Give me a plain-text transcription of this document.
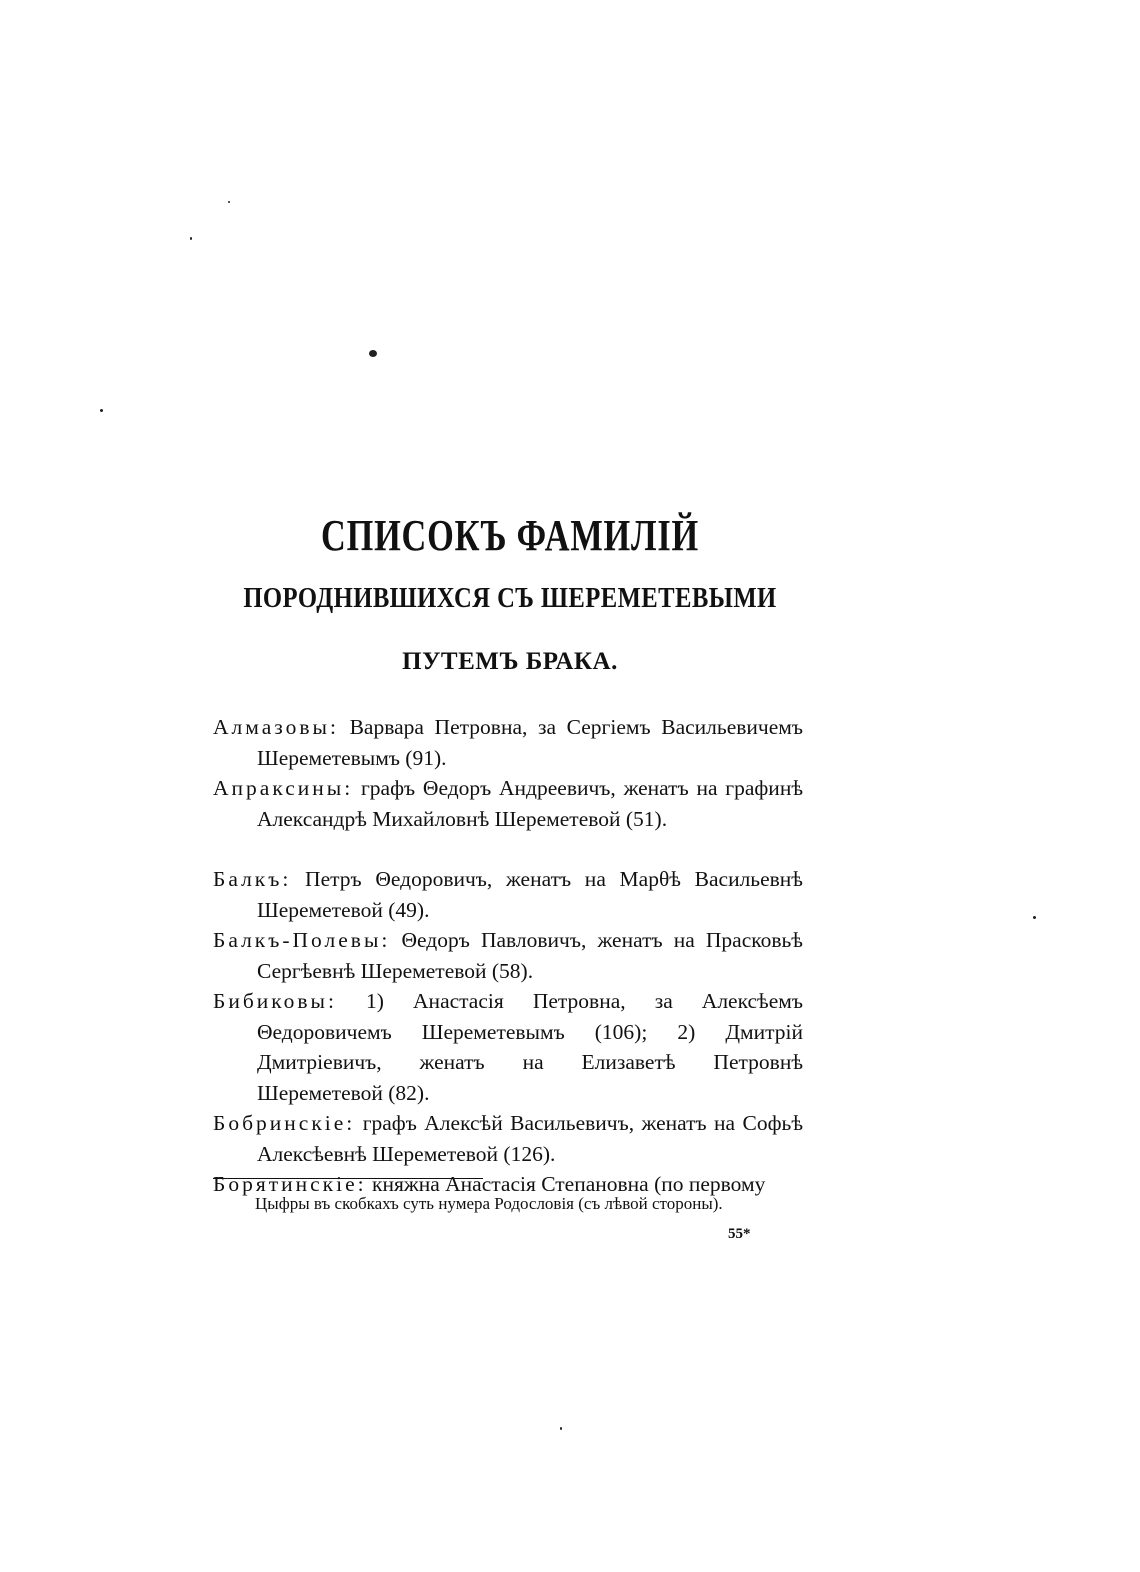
СПИСОКЪ ФАМИЛІЙ
ПОРОДНИВШИХСЯ СЪ ШЕРЕМЕТЕВЫМИ
ПУТЕМЪ БРАКА.
Алмазовы: Варвара Петровна, за Сергіемъ Васильевичемъ Шереметевымъ (91).
Апраксины: графъ Θедоръ Андреевичъ, женатъ на графинѣ Александрѣ Михайловнѣ Шереметевой (51).
Балкъ: Петръ Θедоровичъ, женатъ на Марθѣ Васильевнѣ Шереметевой (49).
Балкъ-Полевы: Θедоръ Павловичъ, женатъ на Прасковьѣ Сергѣевнѣ Шереметевой (58).
Бибиковы: 1) Анастасія Петровна, за Алексѣемъ Θедоровичемъ Шереметевымъ (106); 2) Дмитрій Дмитріевичъ, женатъ на Елизаветѣ Петровнѣ Шереметевой (82).
Бобринскіе: графъ Алексѣй Васильевичъ, женатъ на Софьѣ Алексѣевнѣ Шереметевой (126).
Борятинскіе: княжна Анастасія Степановна (по первому

Цыфры въ скобкахъ суть нумера Родословія (съ лѣвой стороны).

55*
